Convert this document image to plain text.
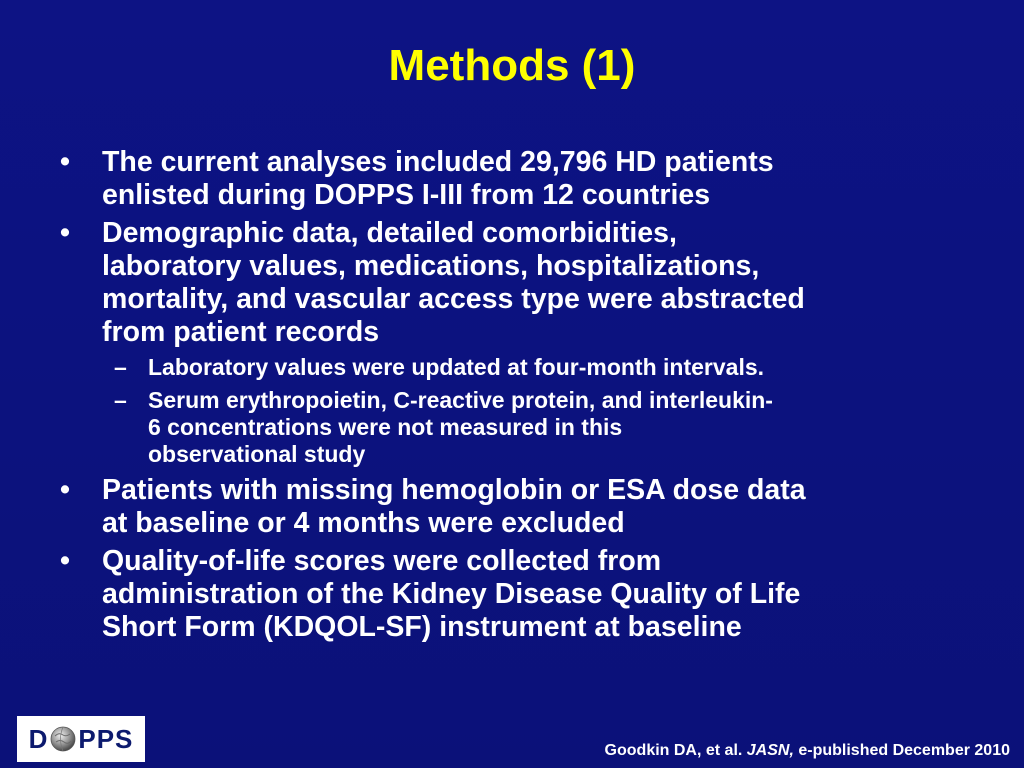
Methods (1)
• The current analyses included 29,796 HD patients
enlisted during DOPPS I-III from 12 countries
• Demographic data, detailed comorbidities,
laboratory values, medications, hospitalizations,
mortality, and vascular access type were abstracted
from patient records
– Laboratory values were updated at four-month intervals.
– Serum erythropoietin, C-reactive protein, and interleukin-
6 concentrations were not measured in this
observational study
• Patients with missing hemoglobin or ESA dose data
at baseline or 4 months were excluded
• Quality-of-life scores were collected from
administration of the Kidney Disease Quality of Life
Short Form (KDQOL-SF) instrument at baseline
D PPS	Goodkin DA, et al. JASN, e-published December 2010
